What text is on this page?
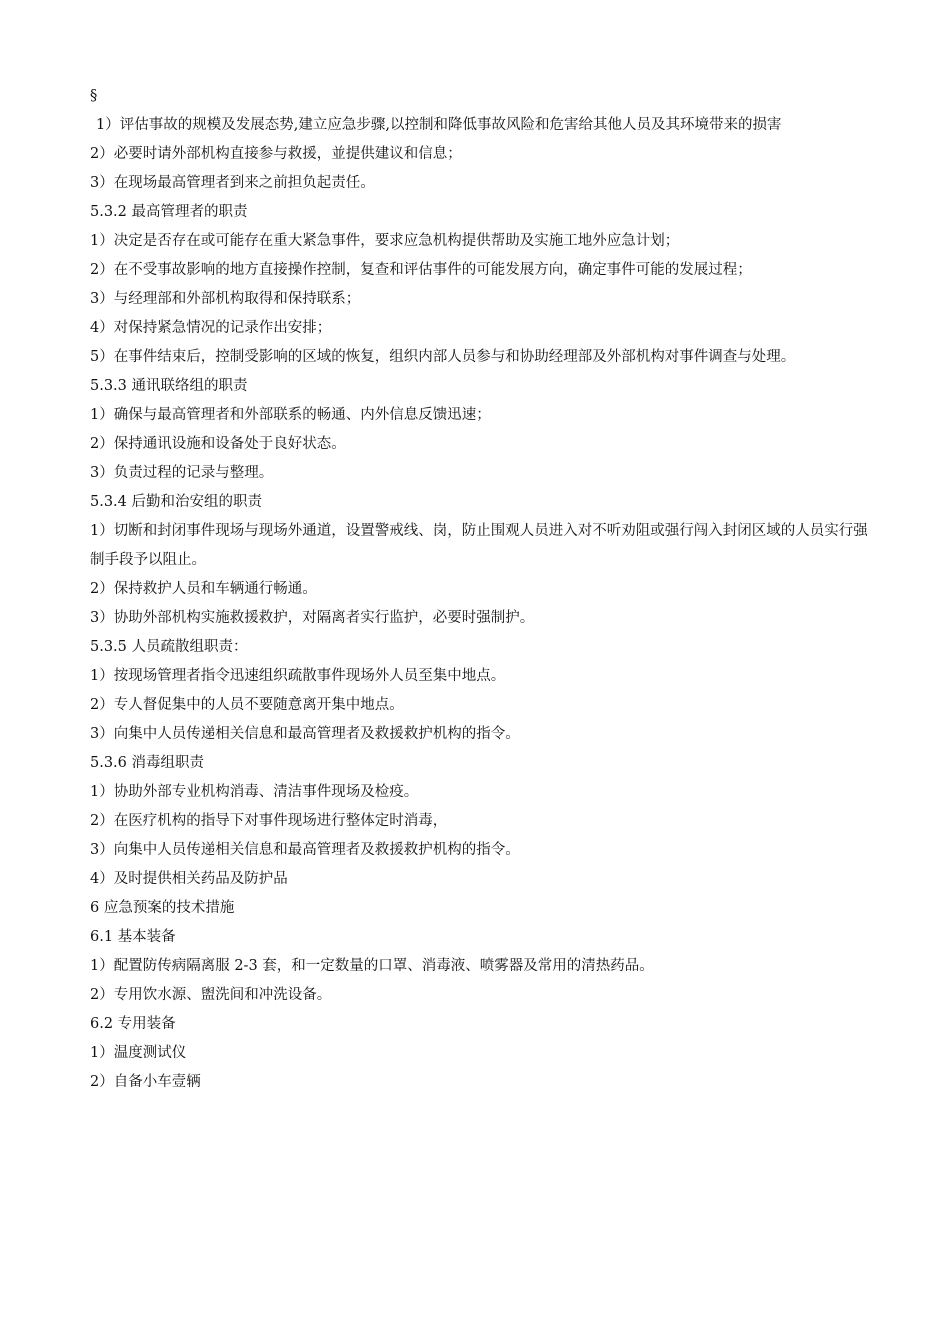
§

1）评估事故的规模及发展态势,建立应急步骤,以控制和降低事故风险和危害给其他人员及其环境带来的损害

2）必要时请外部机构直接参与救援，並提供建议和信息；

3）在现场最高管理者到来之前担负起责任。

5.3.2 最高管理者的职责

1）决定是否存在或可能存在重大紧急事件，要求应急机构提供帮助及实施工地外应急计划；

2）在不受事故影响的地方直接操作控制，复查和评估事件的可能发展方向，确定事件可能的发展过程；

3）与经理部和外部机构取得和保持联系；

4）对保持紧急情况的记录作出安排；

5）在事件结束后，控制受影响的区域的恢复，组织内部人员参与和协助经理部及外部机构对事件调查与处理。

5.3.3 通讯联络组的职责

1）确保与最高管理者和外部联系的畅通、内外信息反馈迅速；

2）保持通讯设施和设备处于良好状态。

3）负责过程的记录与整理。

5.3.4 后勤和治安组的职责

1）切断和封闭事件现场与现场外通道，设置警戒线、岗，防止围观人员进入对不听劝阻或强行闯入封闭区域的人员实行强制手段予以阻止。

2）保持救护人员和车辆通行畅通。

3）协助外部机构实施救援救护，对隔离者实行监护，必要时强制护。

5.3.5 人员疏散组职责：

1）按现场管理者指令迅速组织疏散事件现场外人员至集中地点。

2）专人督促集中的人员不要随意离开集中地点。

3）向集中人员传递相关信息和最高管理者及救援救护机构的指令。

5.3.6 消毒组职责

1）协助外部专业机构消毒、清洁事件现场及检疫。

2）在医疗机构的指导下对事件现场进行整体定时消毒，

3）向集中人员传递相关信息和最高管理者及救援救护机构的指令。

4）及时提供相关药品及防护品

6 应急预案的技术措施

6.1 基本装备

1）配置防传病隔离服 2-3 套，和一定数量的口罩、消毒液、喷雾器及常用的清热药品。

2）专用饮水源、盥洗间和冲洗设备。

6.2 专用装备

1）温度测试仪

2）自备小车壹辆
